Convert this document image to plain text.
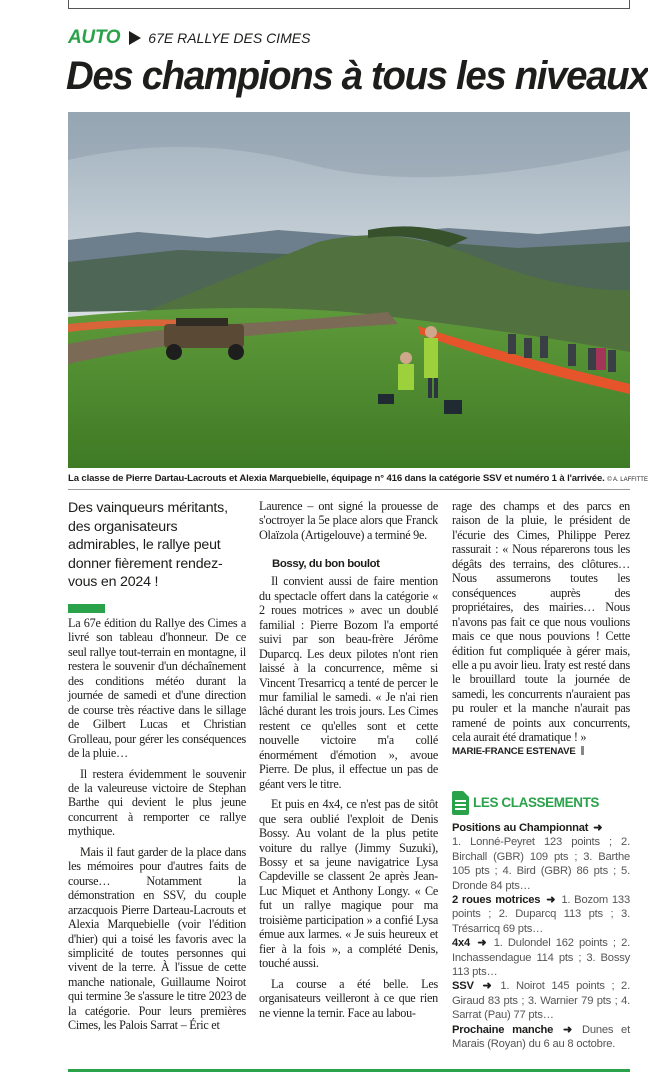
AUTO 67E RALLYE DES CIMES
Des champions à tous les niveaux
La classe de Pierre Dartau-Lacrouts et Alexia Marquebielle, équipage n° 416 dans la catégorie SSV et numéro 1 à l'arrivée. © A. LAFFITTE
Des vainqueurs méritants, des organisateurs admirables, le rallye peut donner fièrement rendez-vous en 2024 !

La 67e édition du Rallye des Cimes a livré son tableau d'honneur. De ce seul rallye tout-terrain en montagne, il restera le souvenir d'un déchaînement des conditions météo durant la journée de samedi et d'une direction de course très réactive dans le sillage de Gilbert Lucas et Christian Grolleau, pour gérer les conséquences de la pluie…

Il restera évidemment le souvenir de la valeureuse victoire de Stephan Barthe qui devient le plus jeune concurrent à remporter ce rallye mythique.

Mais il faut garder de la place dans les mémoires pour d'autres faits de course… Notamment la démonstration en SSV, du couple arzacquois Pierre Darteau-Lacrouts et Alexia Marquebielle (voir l'édition d'hier) qui a toisé les favoris avec la simplicité de toutes personnes qui vivent de la terre. À l'issue de cette manche nationale, Guillaume Noirot qui termine 3e s'assure le titre 2023 de la catégorie. Pour leurs premières Cimes, les Palois Sarrat – Éric et

Laurence – ont signé la prouesse de s'octroyer la 5e place alors que Franck Olaïzola (Artigelouve) a terminé 9e.

Bossy, du bon boulot

Il convient aussi de faire mention du spectacle offert dans la catégorie « 2 roues motrices » avec un doublé familial : Pierre Bozom l'a emporté suivi par son beau-frère Jérôme Duparcq. Les deux pilotes n'ont rien laissé à la concurrence, même si Vincent Tresarricq a tenté de percer le mur familial le samedi. « Je n'ai rien lâché durant les trois jours. Les Cimes restent ce qu'elles sont et cette nouvelle victoire m'a collé énormément d'émotion », avoue Pierre. De plus, il effectue un pas de géant vers le titre.

Et puis en 4x4, ce n'est pas de sitôt que sera oublié l'exploit de Denis Bossy. Au volant de la plus petite voiture du rallye (Jimmy Suzuki), Bossy et sa jeune navigatrice Lysa Capdeville se classent 2e après Jean-Luc Miquet et Anthony Longy. « Ce fut un rallye magique pour ma troisième participation » a confié Lysa émue aux larmes. « Je suis heureux et fier à la fois », a complété Denis, touché aussi.

La course a été belle. Les organisateurs veilleront à ce que rien ne vienne la ternir. Face au labou-

rage des champs et des parcs en raison de la pluie, le président de l'écurie des Cimes, Philippe Perez rassurait : « Nous réparerons tous les dégâts des terrains, des clôtures… Nous assumerons toutes les conséquences auprès des propriétaires, des mairies… Nous n'avons pas fait ce que nous voulions mais ce que nous pouvions ! Cette édition fut compliquée à gérer mais, elle a pu avoir lieu. Iraty est resté dans le brouillard toute la journée de samedi, les concurrents n'auraient pas pu rouler et la manche n'aurait pas ramené de points aux concurrents, cela aurait été dramatique ! »

MARIE-FRANCE ESTENAVE
LES CLASSEMENTS
Positions au Championnat ➜
1. Lonné-Peyret 123 points ; 2. Birchall (GBR) 109 pts ; 3. Barthe 105 pts ; 4. Bird (GBR) 86 pts ; 5. Dronde 84 pts…
2 roues motrices ➜ 1. Bozom 133 points ; 2. Duparcq 113 pts ; 3. Trésarricq 69 pts…
4x4 ➜ 1. Dulondel 162 points ; 2. Inchassendague 114 pts ; 3. Bossy 113 pts…
SSV ➜ 1. Noirot 145 points ; 2. Giraud 83 pts ; 3. Warnier 79 pts ; 4. Sarrat (Pau) 77 pts…
Prochaine manche ➜ Dunes et Marais (Royan) du 6 au 8 octobre.
